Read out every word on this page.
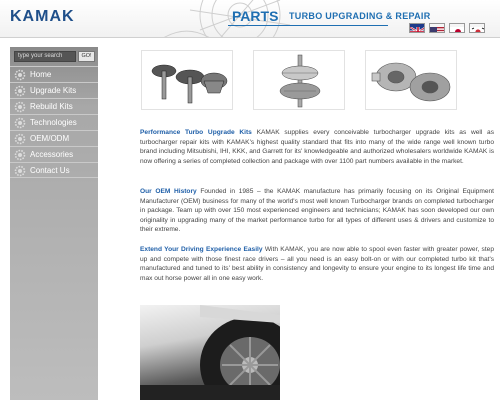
KAMAK	PARTS TURBO UPGRADING & REPAIR
type your search	GO!
Home
Upgrade Kits
Rebuild Kits
Technologies
OEM/ODM
Accessories
Contact Us

Performance Turbo Upgrade Kits KAMAK supplies every conceivable turbocharger upgrade kits as well as turbocharger repair kits with KAMAK's highest quality standard that fits into many of the wide range well known turbo brand including Mitsubishi, IHI, KKK, and Garrett for its' knowledgeable and authorized wholesalers worldwide KAMAK is now offering a series of completed collection and package with over 1100 part numbers available in the market.

Our OEM History Founded in 1985 – the KAMAK manufacture has primarily focusing on its Original Equipment Manufacturer (OEM) business for many of the world's most well known Turbocharger brands on completed turbocharger in package. Team up with over 150 most experienced engineers and technicians; KAMAK has soon developed our own originality in upgrading many of the market performance turbo for all types of different uses & drivers and customize to their extreme.

Extend Your Driving Experience Easily With KAMAK, you are now able to spool even faster with greater power, step up and compete with those finest race drivers – all you need is an easy bolt-on or with our completed turbo kit that's manufactured and tuned to its' best ability in consistency and longevity to ensure your engine to its longest life time and max out horse power all in one easy work.
